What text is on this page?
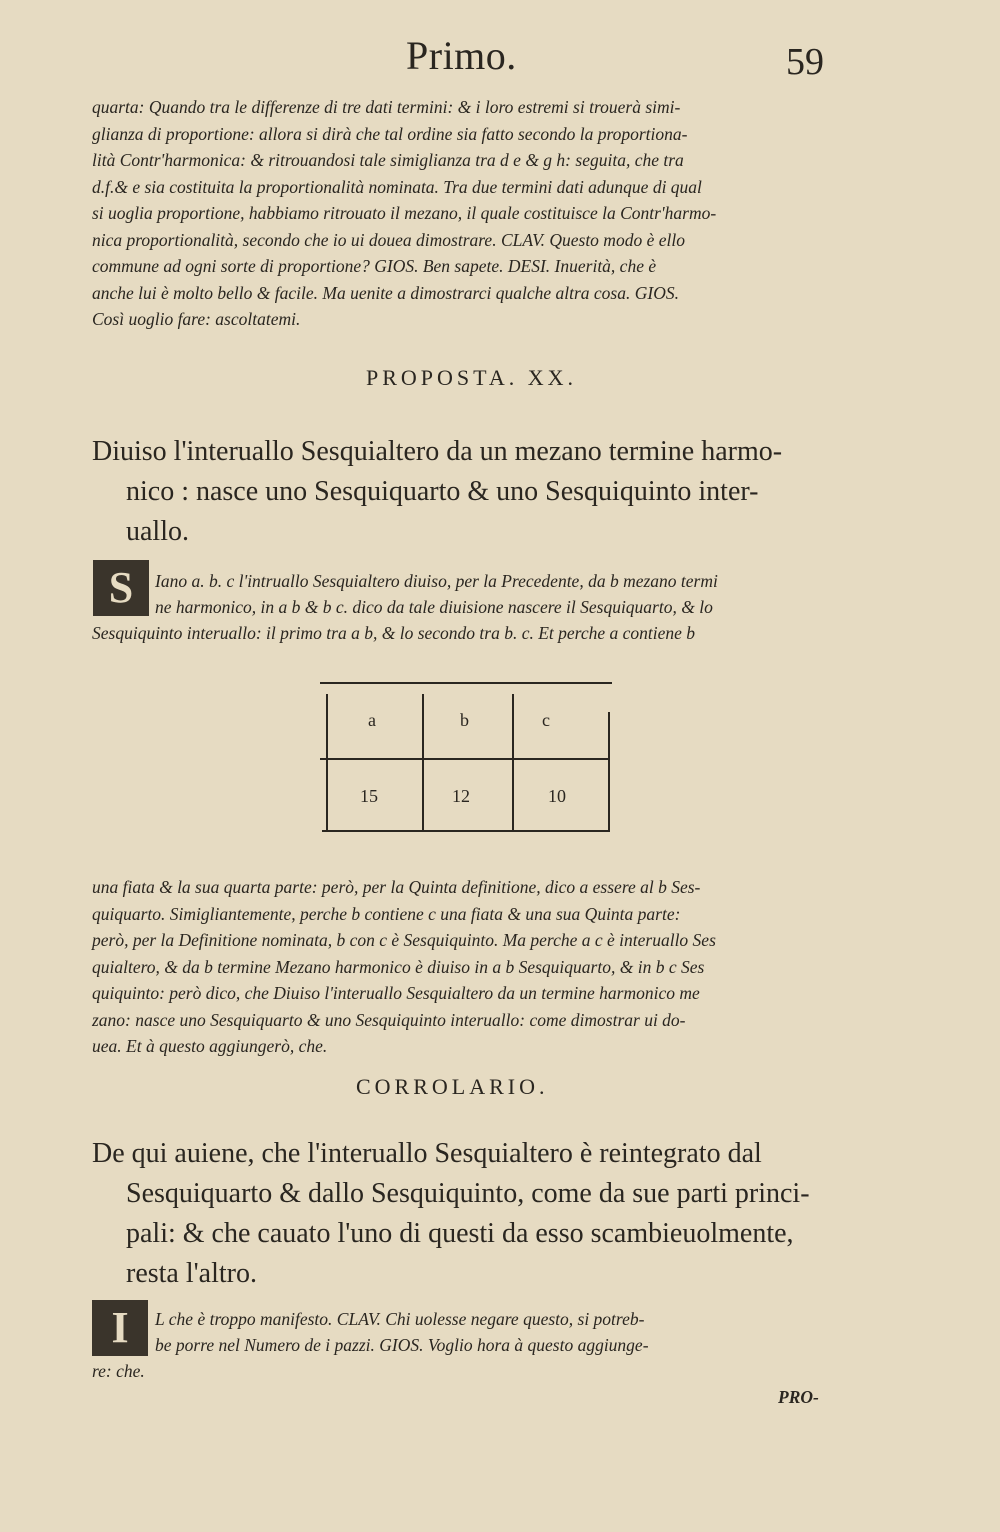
Primo.	59

quarta: Quando tra le differenze di tre dati termini: & i loro estremi si trouerà simi-

glianza di proportione: allora si dirà che tal ordine sia fatto secondo la proportiona-

lità Contr'harmonica: & ritrouandosi tale simiglianza tra d e & g h: seguita, che tra

d.f.& e sia costituita la proportionalità nominata. Tra due termini dati adunque di qual

si uoglia proportione, habbiamo ritrouato il mezano, il quale costituisce la Contr'harmo-

nica proportionalità, secondo che io ui douea dimostrare. CLAV. Questo modo è ello

commune ad ogni sorte di proportione? GIOS. Ben sapete. DESI. Inuerità, che è

anche lui è molto bello & facile. Ma uenite a dimostrarci qualche altra cosa. GIOS.

Così uoglio fare: ascoltatemi.

PROPOSTA. XX.
Diuiso l'interuallo Sesquialtero da un mezano termine harmo-
nico : nasce uno Sesquiquarto & uno Sesquiquinto inter-
uallo.
S	Iano a. b. c l'intruallo Sesquialtero diuiso, per la Precedente, da b mezano termi
ne harmonico, in a b & b c. dico da tale diuisione nascere il Sesquiquarto, & lo
Sesquiquinto interuallo: il primo tra a b, & lo secondo tra b. c. Et perche a contiene b
a	b	c
15	12	10

una fiata & la sua quarta parte: però, per la Quinta definitione, dico a essere al b Ses-

quiquarto. Simigliantemente, perche b contiene c una fiata & una sua Quinta parte:

però, per la Definitione nominata, b con c è Sesquiquinto. Ma perche a c è interuallo Ses

quialtero, & da b termine Mezano harmonico è diuiso in a b Sesquiquarto, & in b c Ses

quiquinto: però dico, che Diuiso l'interuallo Sesquialtero da un termine harmonico me

zano: nasce uno Sesquiquarto & uno Sesquiquinto interuallo: come dimostrar ui do-

uea. Et à questo aggiungerò, che.

CORROLARIO.
De qui auiene, che l'interuallo Sesquialtero è reintegrato dal
Sesquiquarto & dallo Sesquiquinto, come da sue parti princi-
pali: & che cauato l'uno di questi da esso scambieuolmente,
resta l'altro.
I	L che è troppo manifesto. CLAV. Chi uolesse negare questo, si potreb-
be porre nel Numero de i pazzi. GIOS. Voglio hora à questo aggiunge-
re: che.
PRO-
